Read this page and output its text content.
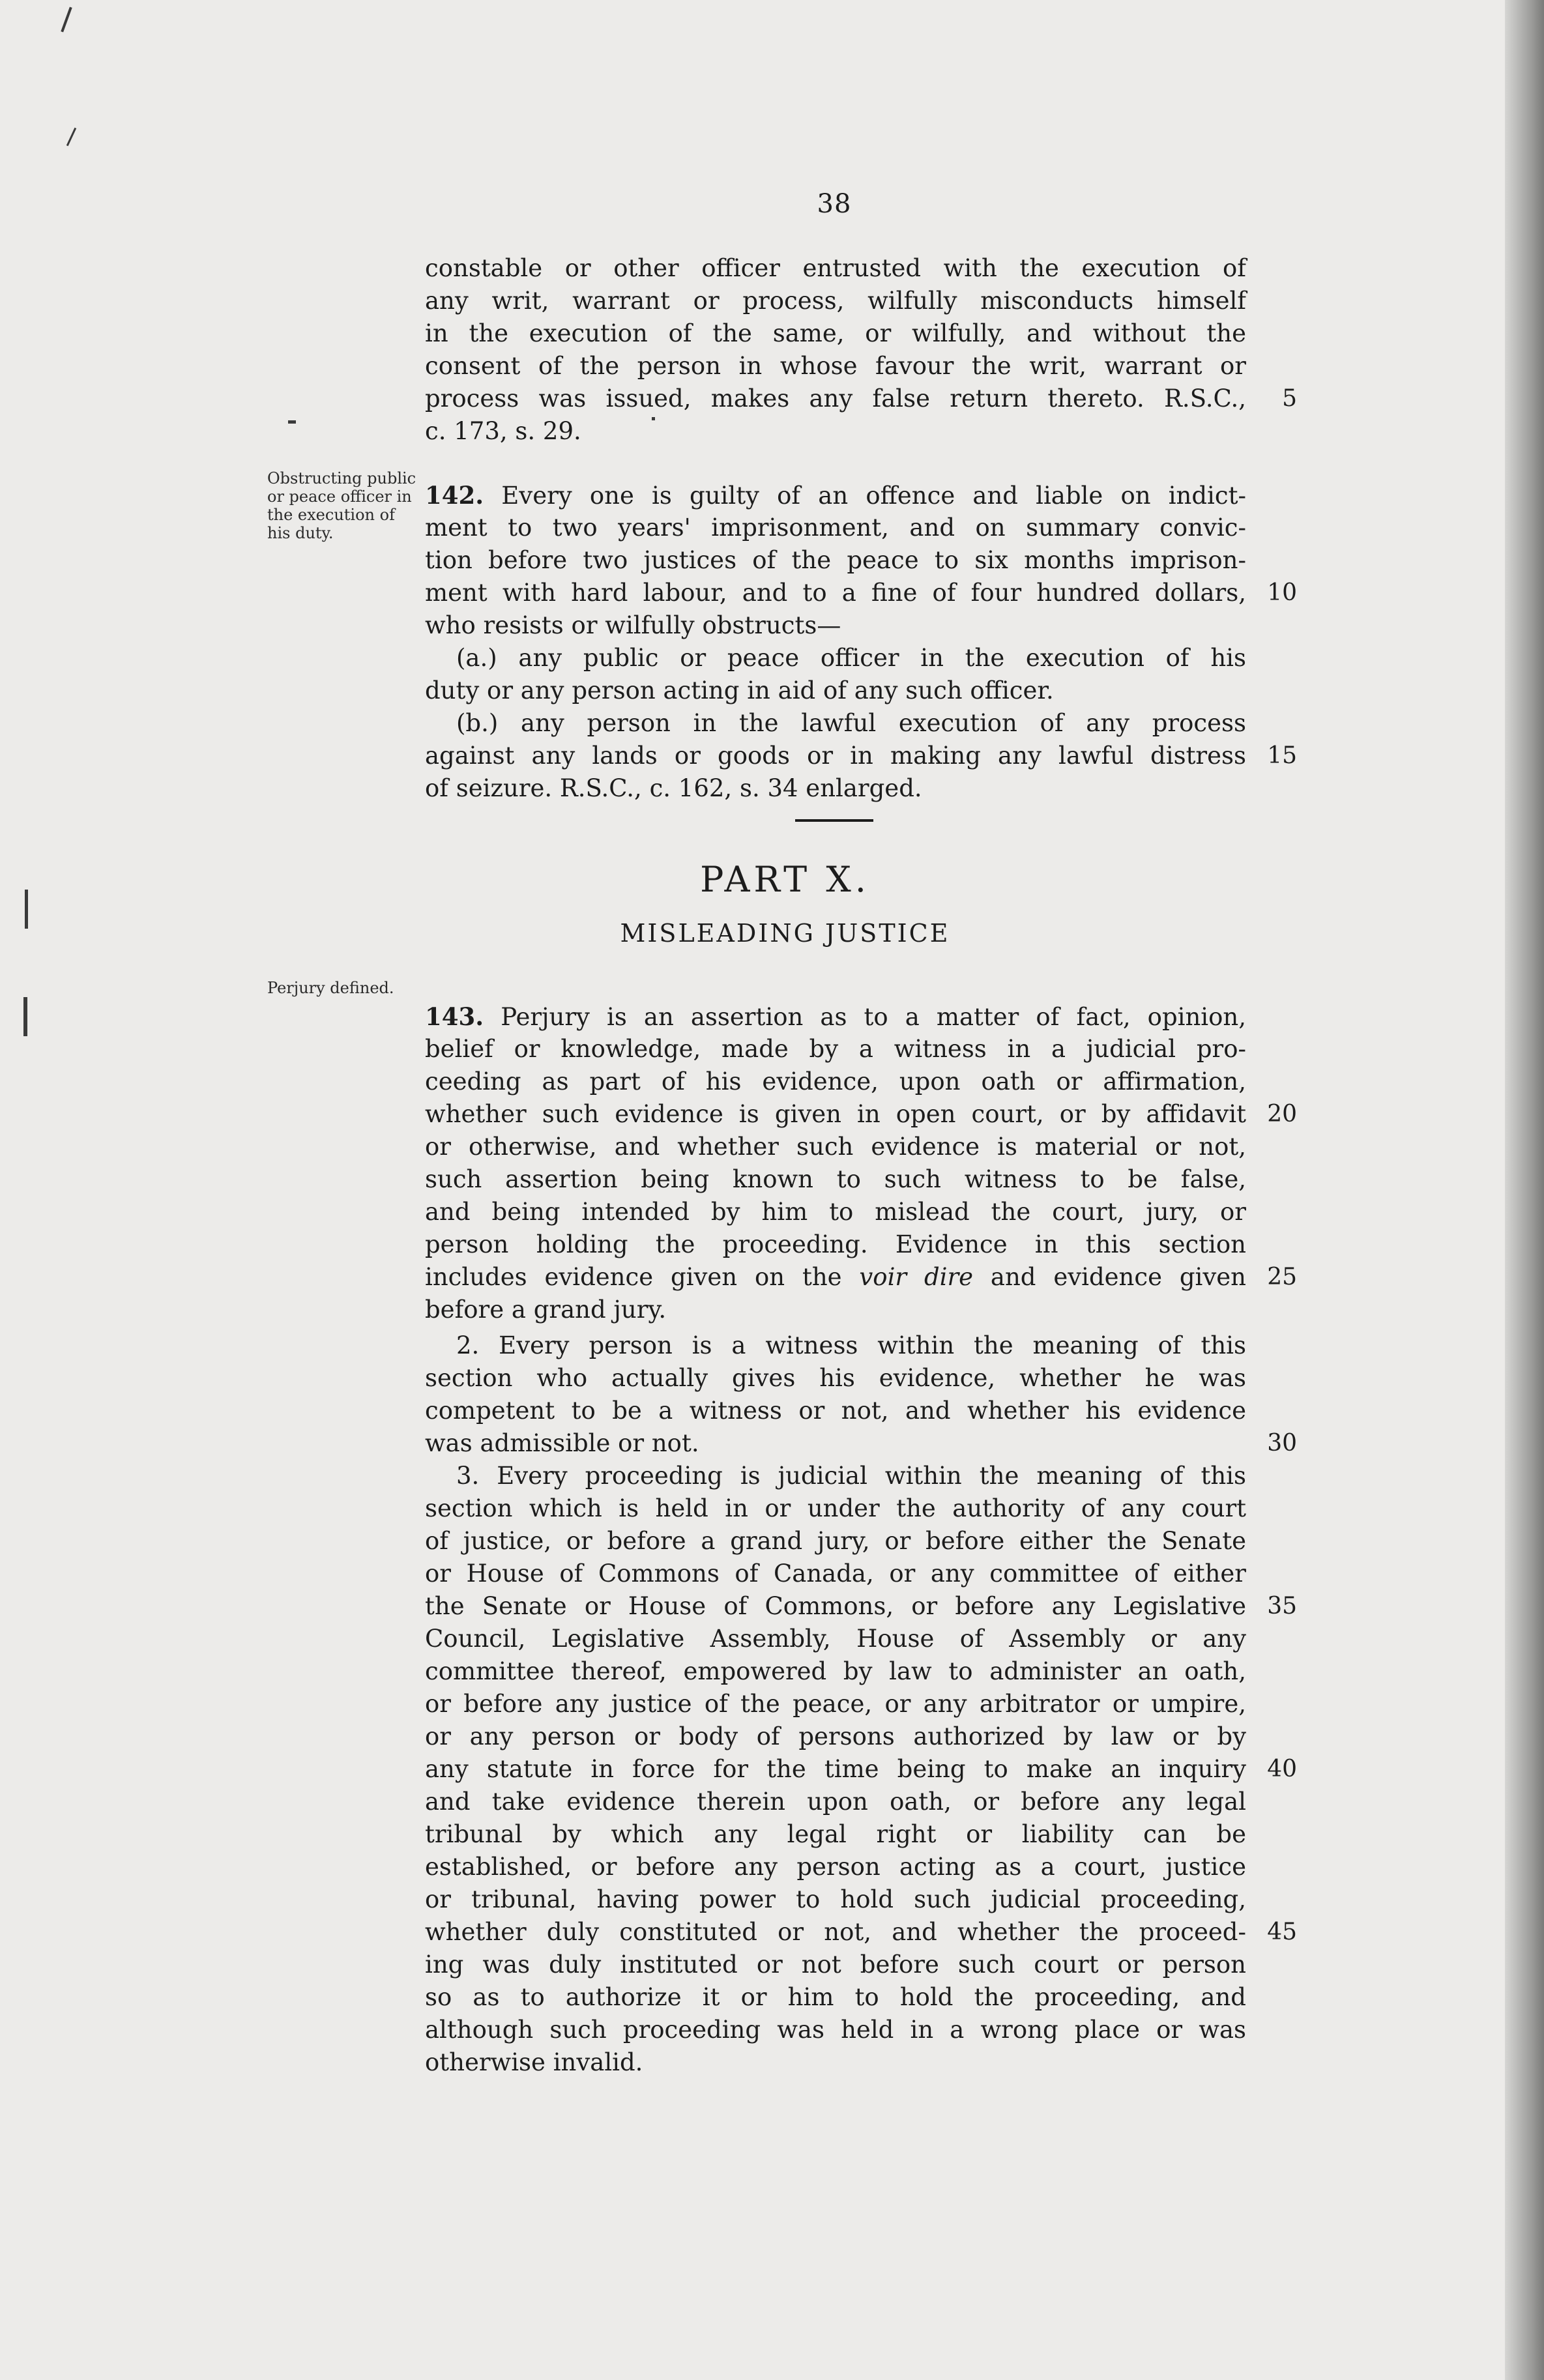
38
constable or other officer entrusted with the execution of
any writ, warrant or process, wilfully misconducts himself
in the execution of the same, or wilfully, and without the
consent of the person in whose favour the writ, warrant or
process was issued, makes any false return thereto. R.S.C.,	5
c. 173, s. 29.
142. Every one is guilty of an offence and liable on indict-
ment to two years' imprisonment, and on summary convic-
tion before two justices of the peace to six months imprison-
ment with hard labour, and to a fine of four hundred dollars, 10
who resists or wilfully obstructs—
(a.) any public or peace officer in the execution of his
duty or any person acting in aid of any such officer.
(b.) any person in the lawful execution of any process
against any lands or goods or in making any lawful distress 15
of seizure. R.S.C., c. 162, s. 34 enlarged.
143. Perjury is an assertion as to a matter of fact, opinion,
belief or knowledge, made by a witness in a judicial pro-
ceeding as part of his evidence, upon oath or affirmation,
whether such evidence is given in open court, or by affidavit 20
or otherwise, and whether such evidence is material or not,
such assertion being known to such witness to be false,
and being intended by him to mislead the court, jury, or
person holding the proceeding. Evidence in this section
includes evidence given on the voir dire and evidence given 25
before a grand jury.
2. Every person is a witness within the meaning of this
section who actually gives his evidence, whether he was
competent to be a witness or not, and whether his evidence
was admissible or not.	30
3. Every proceeding is judicial within the meaning of this
section which is held in or under the authority of any court
of justice, or before a grand jury, or before either the Senate
or House of Commons of Canada, or any committee of either
the Senate or House of Commons, or before any Legislative 35
Council, Legislative Assembly, House of Assembly or any
committee thereof, empowered by law to administer an oath,
or before any justice of the peace, or any arbitrator or umpire,
or any person or body of persons authorized by law or by
any statute in force for the time being to make an inquiry 40
and take evidence therein upon oath, or before any legal
tribunal by which any legal right or liability can be
established, or before any person acting as a court, justice
or tribunal, having power to hold such judicial proceeding,
whether duly constituted or not, and whether the proceed- 45
ing was duly instituted or not before such court or person
so as to authorize it or him to hold the proceeding, and
although such proceeding was held in a wrong place or was
otherwise invalid.
Obstructing public or peace officer in the execution of his duty.
Perjury defined.
PART X.
MISLEADING JUSTICE
